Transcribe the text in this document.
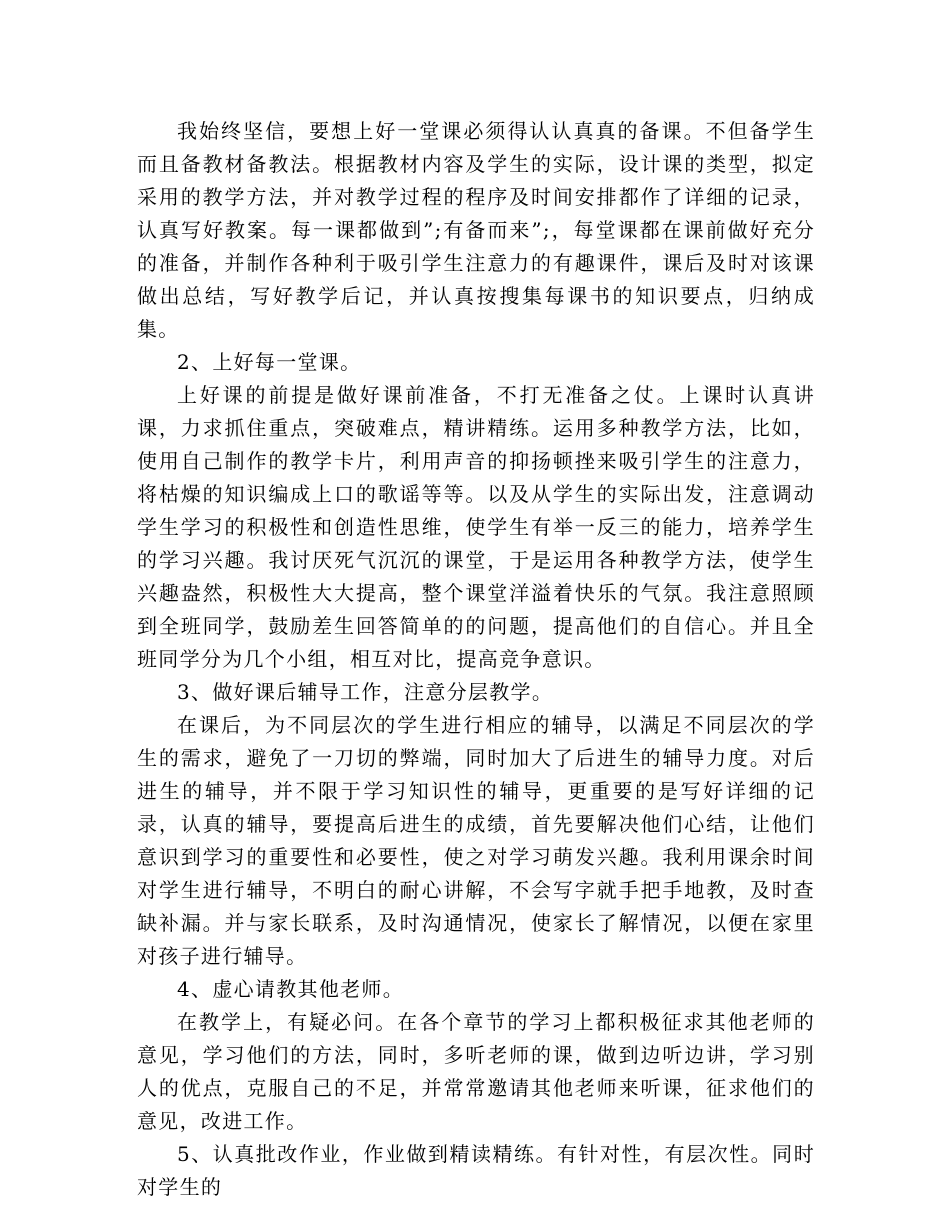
我始终坚信，要想上好一堂课必须得认认真真的备课。不但备学生而且备教材备教法。根据教材内容及学生的实际，设计课的类型，拟定采用的教学方法，并对教学过程的程序及时间安排都作了详细的记录，认真写好教案。每一课都做到”;有备而来”;，每堂课都在课前做好充分的准备，并制作各种利于吸引学生注意力的有趣课件，课后及时对该课做出总结，写好教学后记，并认真按搜集每课书的知识要点，归纳成集。

2、上好每一堂课。

上好课的前提是做好课前准备，不打无准备之仗。上课时认真讲课，力求抓住重点，突破难点，精讲精练。运用多种教学方法，比如，使用自己制作的教学卡片，利用声音的抑扬顿挫来吸引学生的注意力，将枯燥的知识编成上口的歌谣等等。以及从学生的实际出发，注意调动学生学习的积极性和创造性思维，使学生有举一反三的能力，培养学生的学习兴趣。我讨厌死气沉沉的课堂，于是运用各种教学方法，使学生兴趣盎然，积极性大大提高，整个课堂洋溢着快乐的气氛。我注意照顾到全班同学，鼓励差生回答简单的的问题，提高他们的自信心。并且全班同学分为几个小组，相互对比，提高竞争意识。

3、做好课后辅导工作，注意分层教学。

在课后，为不同层次的学生进行相应的辅导，以满足不同层次的学生的需求，避免了一刀切的弊端，同时加大了后进生的辅导力度。对后进生的辅导，并不限于学习知识性的辅导，更重要的是写好详细的记录，认真的辅导，要提高后进生的成绩，首先要解决他们心结，让他们意识到学习的重要性和必要性，使之对学习萌发兴趣。我利用课余时间对学生进行辅导，不明白的耐心讲解，不会写字就手把手地教，及时查缺补漏。并与家长联系，及时沟通情况，使家长了解情况，以便在家里对孩子进行辅导。

4、虚心请教其他老师。

在教学上，有疑必问。在各个章节的学习上都积极征求其他老师的意见，学习他们的方法，同时，多听老师的课，做到边听边讲，学习别人的优点，克服自己的不足，并常常邀请其他老师来听课，征求他们的意见，改进工作。

5、认真批改作业，作业做到精读精练。有针对性，有层次性。同时对学生的
